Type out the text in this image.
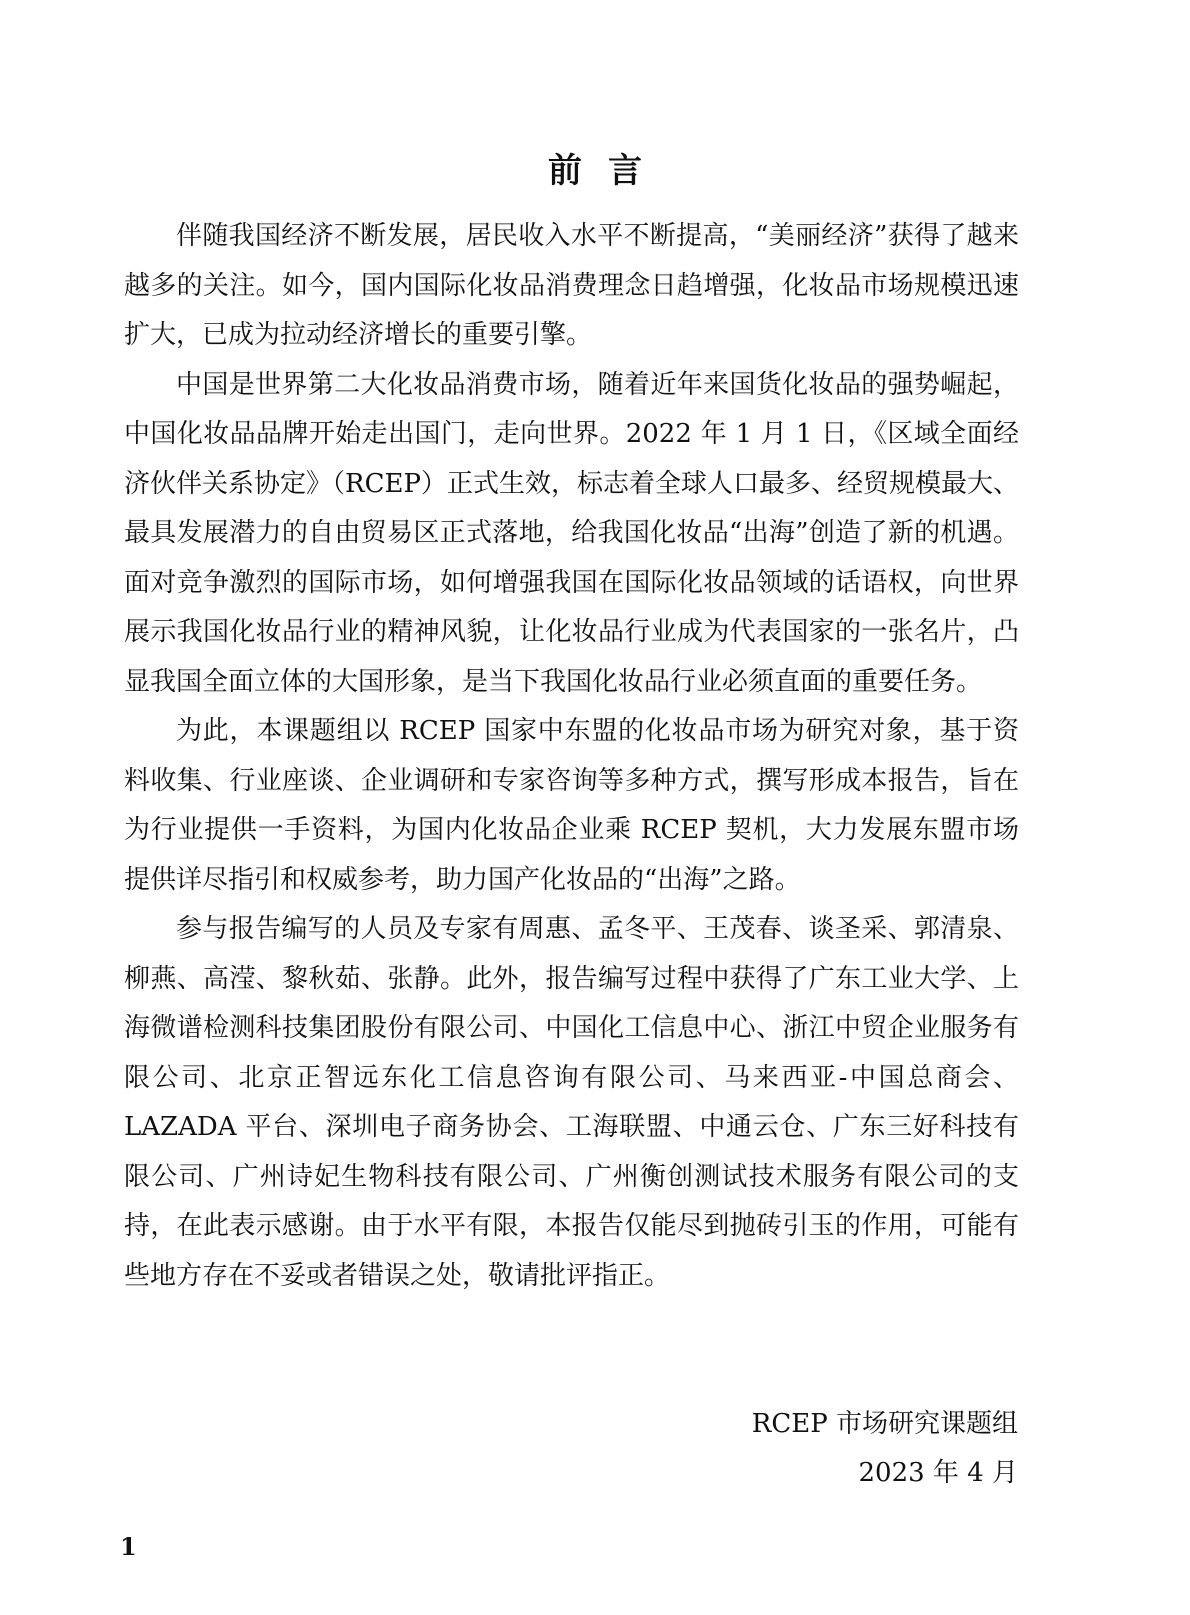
前言

伴随我国经济不断发展，居民收入水平不断提高，“美丽经济”获得了越来越多的关注。如今，国内国际化妆品消费理念日趋增强，化妆品市场规模迅速扩大，已成为拉动经济增长的重要引擎。

中国是世界第二大化妆品消费市场，随着近年来国货化妆品的强势崛起，中国化妆品品牌开始走出国门，走向世界。2022 年 1 月 1 日，《区域全面经济伙伴关系协定》（RCEP）正式生效，标志着全球人口最多、经贸规模最大、最具发展潜力的自由贸易区正式落地，给我国化妆品“出海”创造了新的机遇。面对竞争激烈的国际市场，如何增强我国在国际化妆品领域的话语权，向世界展示我国化妆品行业的精神风貌，让化妆品行业成为代表国家的一张名片，凸显我国全面立体的大国形象，是当下我国化妆品行业必须直面的重要任务。

为此，本课题组以 RCEP 国家中东盟的化妆品市场为研究对象，基于资料收集、行业座谈、企业调研和专家咨询等多种方式，撰写形成本报告，旨在为行业提供一手资料，为国内化妆品企业乘 RCEP 契机，大力发展东盟市场提供详尽指引和权威参考，助力国产化妆品的“出海”之路。

参与报告编写的人员及专家有周惠、孟冬平、王茂春、谈圣采、郭清泉、柳燕、高滢、黎秋茹、张静。此外，报告编写过程中获得了广东工业大学、上海微谱检测科技集团股份有限公司、中国化工信息中心、浙江中贸企业服务有限公司、北京正智远东化工信息咨询有限公司、马来西亚-中国总商会、LAZADA 平台、深圳电子商务协会、工海联盟、中通云仓、广东三好科技有限公司、广州诗妃生物科技有限公司、广州衡创测试技术服务有限公司的支持，在此表示感谢。由于水平有限，本报告仅能尽到抛砖引玉的作用，可能有些地方存在不妥或者错误之处，敬请批评指正。

RCEP 市场研究课题组
2023 年 4 月
1
